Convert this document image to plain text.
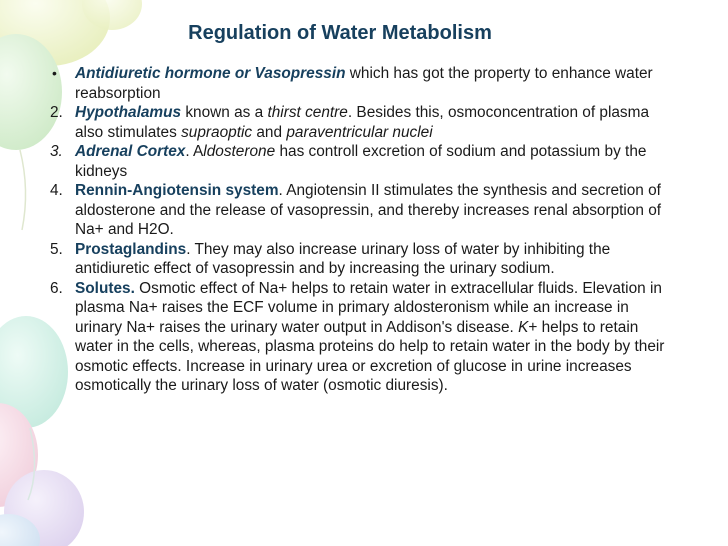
Regulation of Water Metabolism

• Antidiuretic hormone or Vasopressin which has got the property to enhance water reabsorption

2. Hypothalamus known as a thirst centre. Besides this, osmoconcentration of plasma also stimulates supraoptic and paraventricular nuclei

3. Adrenal Cortex. Aldosterone has controll excretion of sodium and potassium by the kidneys

4. Rennin-Angiotensin system. Angiotensin II stimulates the synthesis and secretion of aldosterone and the release of vasopressin, and thereby increases renal absorption of Na+ and H2O.

5. Prostaglandins. They may also increase urinary loss of water by inhibiting the antidiuretic effect of vasopressin and by increasing the urinary sodium.

6. Solutes. Osmotic effect of Na+ helps to retain water in extracellular fluids. Elevation in plasma Na+ raises the ECF volume in primary aldosteronism while an increase in urinary Na+ raises the urinary water output in Addison's disease. K+ helps to retain water in the cells, whereas, plasma proteins do help to retain water in the body by their osmotic effects. Increase in urinary urea or excretion of glucose in urine increases osmotically the urinary loss of water (osmotic diuresis).
